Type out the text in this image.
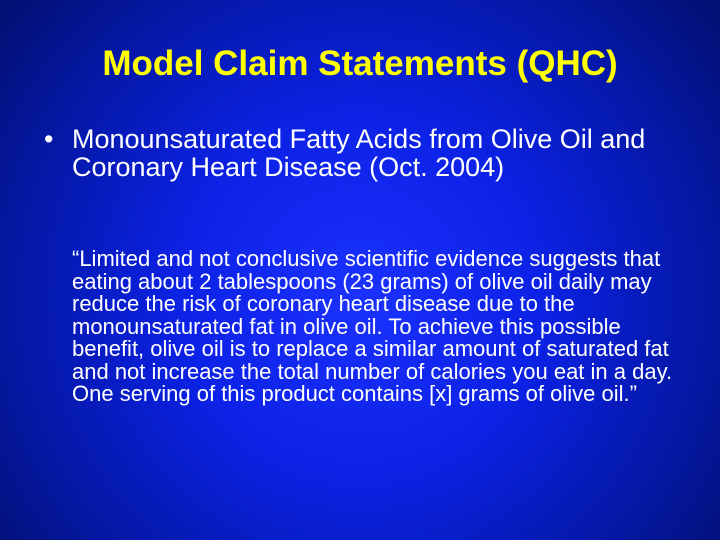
Model Claim Statements (QHC)
• Monounsaturated Fatty Acids from Olive Oil and Coronary Heart Disease (Oct. 2004)

“Limited and not conclusive scientific evidence suggests that eating about 2 tablespoons (23 grams) of olive oil daily may reduce the risk of coronary heart disease due to the monounsaturated fat in olive oil. To achieve this possible benefit, olive oil is to replace a similar amount of saturated fat and not increase the total number of calories you eat in a day. One serving of this product contains [x] grams of olive oil.”
